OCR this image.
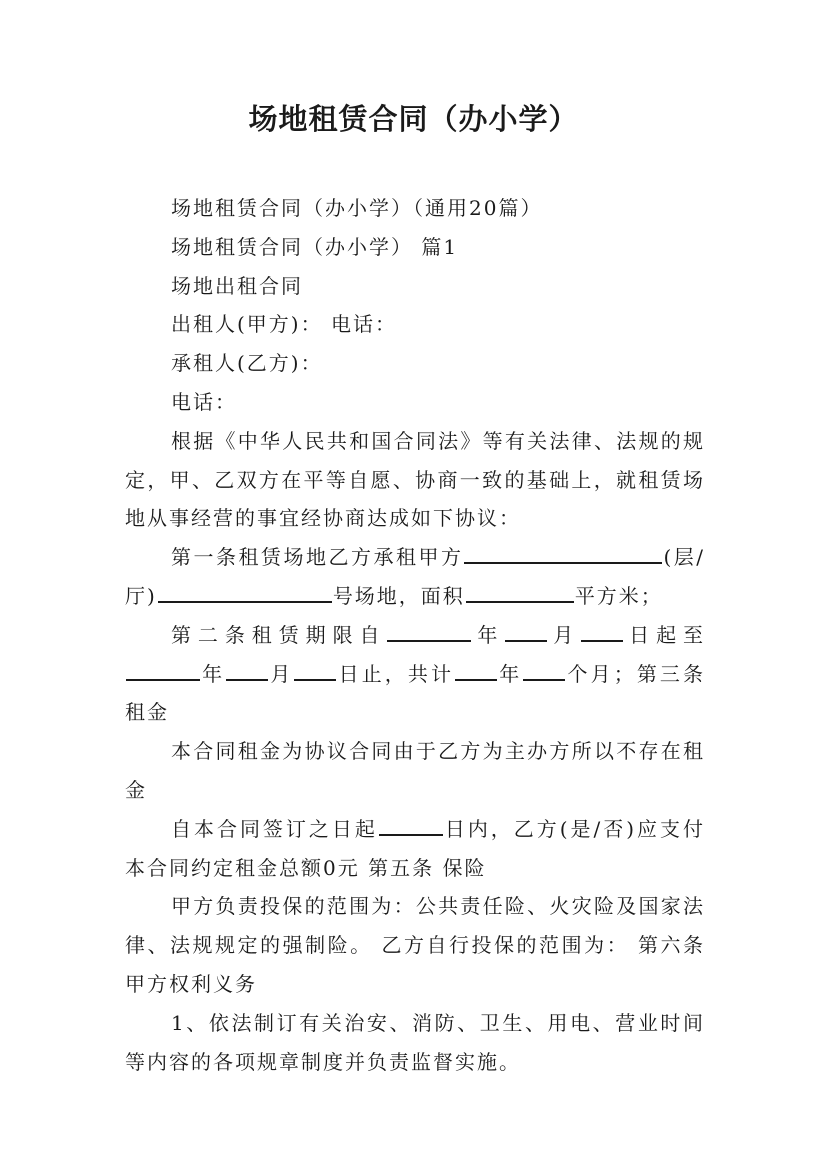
场地租赁合同（办小学）

场地租赁合同（办小学）（通用20篇）

场地租赁合同（办小学） 篇1

场地出租合同

出租人(甲方)： 电话：

承租人(乙方)：

电话：

根据《中华人民共和国合同法》等有关法律、法规的规定，甲、乙双方在平等自愿、协商一致的基础上，就租赁场地从事经营的事宜经协商达成如下协议：

第一条租赁场地乙方承租甲方	(层/厅)	号场地，面积	平方米；

第二条租赁期限自	年 月 日起至年 月 日止，共计 年 个月；第三条租金

本合同租金为协议合同由于乙方为主办方所以不存在租金

自本合同签订之日起	日内，乙方(是/否)应支付本合同约定租金总额0元 第五条 保险

甲方负责投保的范围为：公共责任险、火灾险及国家法律、法规规定的强制险。 乙方自行投保的范围为： 第六条 甲方权利义务

1、依法制订有关治安、消防、卫生、用电、营业时间等内容的各项规章制度并负责监督实施。
